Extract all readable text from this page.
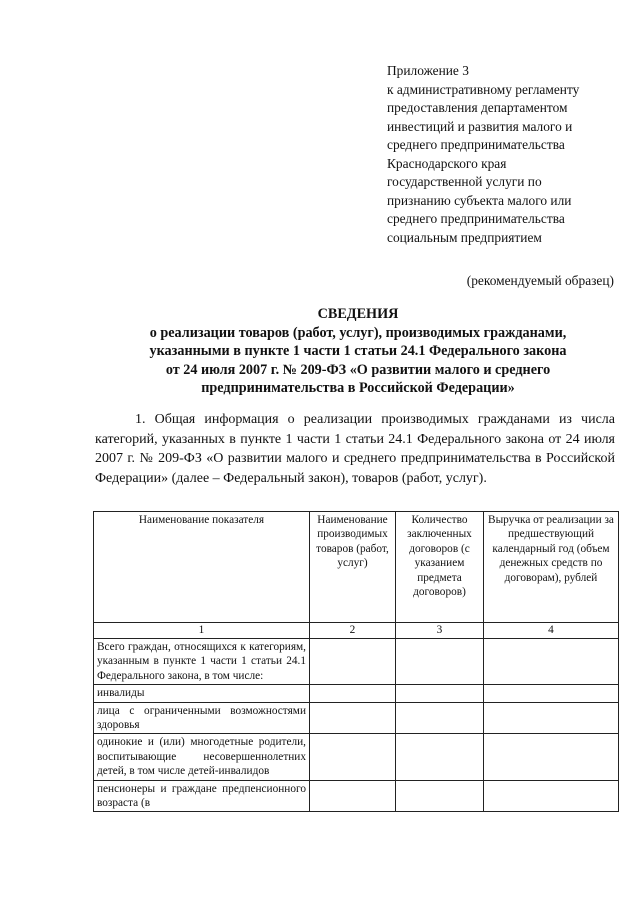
Приложение 3
к административному регламенту
предоставления департаментом
инвестиций и развития малого и
среднего предпринимательства
Краснодарского края
государственной услуги по
признанию субъекта малого или
среднего предпринимательства
социальным предприятием
(рекомендуемый образец)
СВЕДЕНИЯ
о реализации товаров (работ, услуг), производимых гражданами,
указанными в пункте 1 части 1 статьи 24.1 Федерального закона
от 24 июля 2007 г. № 209-ФЗ «О развитии малого и среднего
предпринимательства в Российской Федерации»

1. Общая информация о реализации производимых гражданами из числа категорий, указанных в пункте 1 части 1 статьи 24.1 Федерального закона от 24 июля 2007 г. № 209-ФЗ «О развитии малого и среднего предпринимательства в Российской Федерации» (далее – Федеральный закон), товаров (работ, услуг).

Наименование показателя	Наименование производимых товаров (работ, услуг)	Количество заключенных договоров (с указанием предмета договоров)	Выручка от реализации за предшествующий календарный год (объем денежных средств по договорам), рублей
1	2	3	4
Всего граждан, относящихся к категориям, указанным в пункте 1 части 1 статьи 24.1 Федерального закона, в том числе:			
инвалиды			
лица с ограниченными возможностями здоровья			
одинокие и (или) многодетные родители, воспитывающие несовершеннолетних детей, в том числе детей-инвалидов			
пенсионеры и граждане предпенсионного возраста (в			
